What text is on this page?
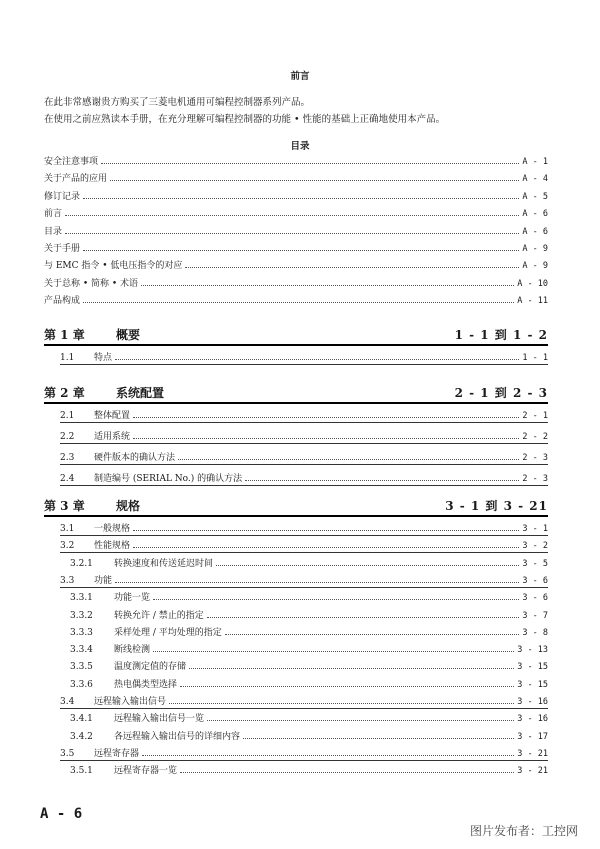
前言
在此非常感谢贵方购买了三菱电机通用可编程控制器系列产品。
在使用之前应熟读本手册，在充分理解可编程控制器的功能 • 性能的基础上正确地使用本产品。
目录
安全注意事项	A - 1
关于产品的应用	A - 4
修订记录	A - 5
前言	A - 6
目录	A - 6
关于手册	A - 9
与 EMC 指令 • 低电压指令的对应	A - 9
关于总称 • 简称 • 术语	A - 10
产品构成	A - 11
第 1 章	概要	1 - 1 到 1 - 2
1.1	特点	1 - 1
第 2 章	系统配置	2 - 1 到 2 - 3
2.1	整体配置	2 - 1
2.2	适用系统	2 - 2
2.3	硬件版本的确认方法	2 - 3
2.4	制造编号 (SERIAL No.) 的确认方法	2 - 3
第 3 章	规格	3 - 1 到 3 - 21
3.1	一般规格	3 - 1
3.2	性能规格	3 - 2
3.2.1	转换速度和传送延迟时间	3 - 5
3.3	功能	3 - 6
3.3.1	功能一览	3 - 6
3.3.2	转换允许 / 禁止的指定	3 - 7
3.3.3	采样处理 / 平均处理的指定	3 - 8
3.3.4	断线检测	3 - 13
3.3.5	温度测定值的存储	3 - 15
3.3.6	热电偶类型选择	3 - 15
3.4	远程输入输出信号	3 - 16
3.4.1	远程输入输出信号一览	3 - 16
3.4.2	各远程输入输出信号的详细内容	3 - 17
3.5	远程寄存器	3 - 21
3.5.1	远程寄存器一览	3 - 21
A - 6
图片发布者：工控网
